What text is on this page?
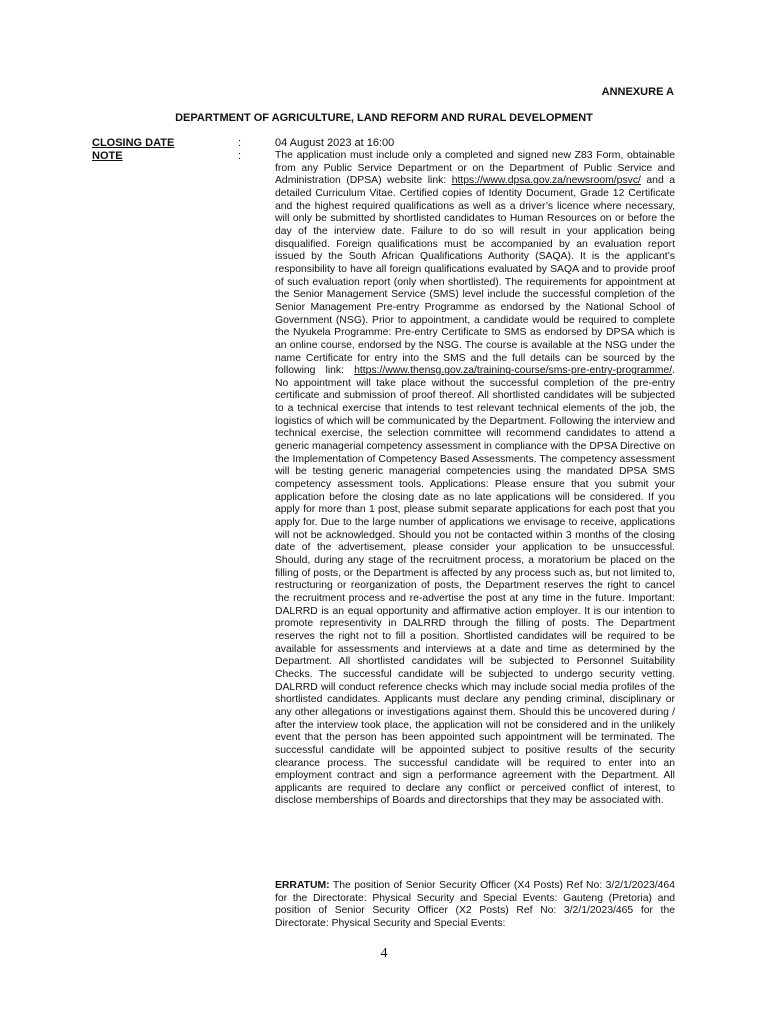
ANNEXURE A
DEPARTMENT OF AGRICULTURE, LAND REFORM AND RURAL DEVELOPMENT
CLOSING DATE	:	04 August 2023 at 16:00
NOTE	:	The application must include only a completed and signed new Z83 Form, obtainable from any Public Service Department or on the Department of Public Service and Administration (DPSA) website link: https://www.dpsa.gov.za/newsroom/psvc/ and a detailed Curriculum Vitae. Certified copies of Identity Document, Grade 12 Certificate and the highest required qualifications as well as a driver’s licence where necessary, will only be submitted by shortlisted candidates to Human Resources on or before the day of the interview date. Failure to do so will result in your application being disqualified. Foreign qualifications must be accompanied by an evaluation report issued by the South African Qualifications Authority (SAQA). It is the applicant’s responsibility to have all foreign qualifications evaluated by SAQA and to provide proof of such evaluation report (only when shortlisted). The requirements for appointment at the Senior Management Service (SMS) level include the successful completion of the Senior Management Pre-entry Programme as endorsed by the National School of Government (NSG). Prior to appointment, a candidate would be required to complete the Nyukela Programme: Pre-entry Certificate to SMS as endorsed by DPSA which is an online course, endorsed by the NSG. The course is available at the NSG under the name Certificate for entry into the SMS and the full details can be sourced by the following link: https://www.thensg.gov.za/training-course/sms-pre-entry-programme/. No appointment will take place without the successful completion of the pre-entry certificate and submission of proof thereof. All shortlisted candidates will be subjected to a technical exercise that intends to test relevant technical elements of the job, the logistics of which will be communicated by the Department. Following the interview and technical exercise, the selection committee will recommend candidates to attend a generic managerial competency assessment in compliance with the DPSA Directive on the Implementation of Competency Based Assessments. The competency assessment will be testing generic managerial competencies using the mandated DPSA SMS competency assessment tools. Applications: Please ensure that you submit your application before the closing date as no late applications will be considered. If you apply for more than 1 post, please submit separate applications for each post that you apply for. Due to the large number of applications we envisage to receive, applications will not be acknowledged. Should you not be contacted within 3 months of the closing date of the advertisement, please consider your application to be unsuccessful. Should, during any stage of the recruitment process, a moratorium be placed on the filling of posts, or the Department is affected by any process such as, but not limited to, restructuring or reorganization of posts, the Department reserves the right to cancel the recruitment process and re-advertise the post at any time in the future. Important: DALRRD is an equal opportunity and affirmative action employer. It is our intention to promote representivity in DALRRD through the filling of posts. The Department reserves the right not to fill a position. Shortlisted candidates will be required to be available for assessments and interviews at a date and time as determined by the Department. All shortlisted candidates will be subjected to Personnel Suitability Checks. The successful candidate will be subjected to undergo security vetting. DALRRD will conduct reference checks which may include social media profiles of the shortlisted candidates. Applicants must declare any pending criminal, disciplinary or any other allegations or investigations against them. Should this be uncovered during / after the interview took place, the application will not be considered and in the unlikely event that the person has been appointed such appointment will be terminated. The successful candidate will be appointed subject to positive results of the security clearance process. The successful candidate will be required to enter into an employment contract and sign a performance agreement with the Department. All applicants are required to declare any conflict or perceived conflict of interest, to disclose memberships of Boards and directorships that they may be associated with.
ERRATUM: The position of Senior Security Officer (X4 Posts) Ref No: 3/2/1/2023/464 for the Directorate: Physical Security and Special Events: Gauteng (Pretoria) and position of Senior Security Officer (X2 Posts) Ref No: 3/2/1/2023/465 for the Directorate: Physical Security and Special Events:
4
